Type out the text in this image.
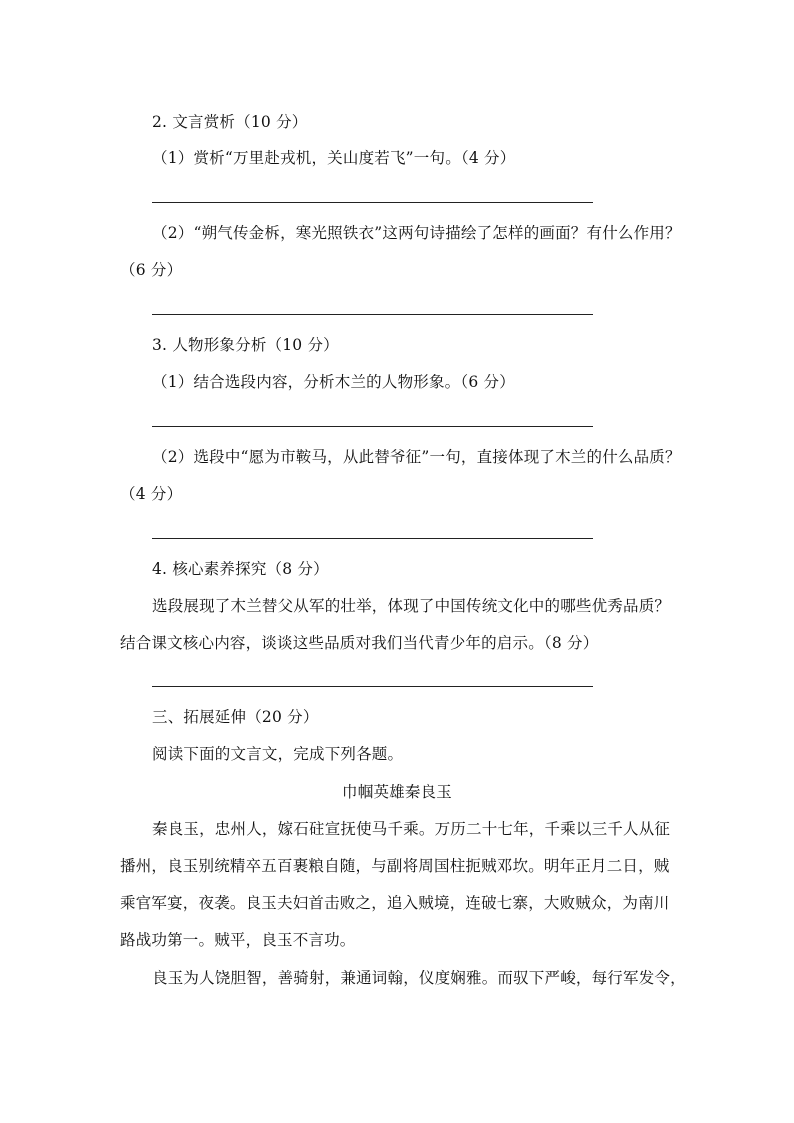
2. 文言赏析（10 分）
（1）赏析“万里赴戎机，关山度若飞”一句。（4 分）
（2）“朔气传金柝，寒光照铁衣”这两句诗描绘了怎样的画面？有什么作用？
（6 分）
3. 人物形象分析（10 分）
（1）结合选段内容，分析木兰的人物形象。（6 分）
（2）选段中“愿为市鞍马，从此替爷征”一句，直接体现了木兰的什么品质？
（4 分）
4. 核心素养探究（8 分）
选段展现了木兰替父从军的壮举，体现了中国传统文化中的哪些优秀品质？
结合课文核心内容，谈谈这些品质对我们当代青少年的启示。（8 分）
三、拓展延伸（20 分）
阅读下面的文言文，完成下列各题。
巾帼英雄秦良玉
秦良玉，忠州人，嫁石砫宣抚使马千乘。万历二十七年，千乘以三千人从征
播州，良玉别统精卒五百裹粮自随，与副将周国柱扼贼邓坎。明年正月二日，贼
乘官军宴，夜袭。良玉夫妇首击败之，追入贼境，连破七寨，大败贼众，为南川
路战功第一。贼平，良玉不言功。
良玉为人饶胆智，善骑射，兼通词翰，仪度娴雅。而驭下严峻，每行军发令，
